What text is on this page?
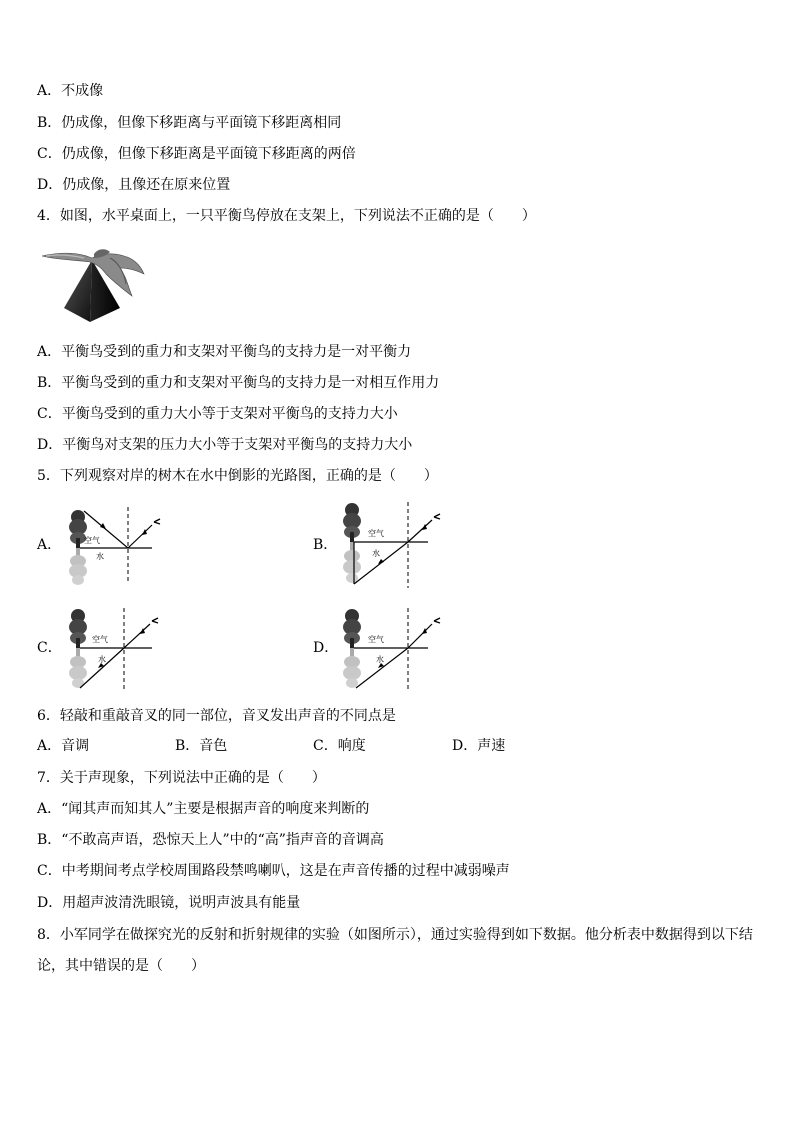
A．不成像
B．仍成像，但像下移距离与平面镜下移距离相同
C．仍成像，但像下移距离是平面镜下移距离的两倍
D．仍成像，且像还在原来位置
4．如图，水平桌面上，一只平衡鸟停放在支架上，下列说法不正确的是（　　）
A．平衡鸟受到的重力和支架对平衡鸟的支持力是一对平衡力
B．平衡鸟受到的重力和支架对平衡鸟的支持力是一对相互作用力
C．平衡鸟受到的重力大小等于支架对平衡鸟的支持力大小
D．平衡鸟对支架的压力大小等于支架对平衡鸟的支持力大小
5．下列观察对岸的树木在水中倒影的光路图，正确的是（　　）
A．	空气
水
B．
空气
水
C．
空气
水
D．
空气
水
6．轻敲和重敲音叉的同一部位，音叉发出声音的不同点是
A．音调	B．音色	C．响度	D．声速
7．关于声现象，下列说法中正确的是（　　）
A．“闻其声而知其人”主要是根据声音的响度来判断的
B．“不敢高声语，恐惊天上人”中的“高”指声音的音调高
C．中考期间考点学校周围路段禁鸣喇叭，这是在声音传播的过程中减弱噪声
D．用超声波清洗眼镜，说明声波具有能量
8．小军同学在做探究光的反射和折射规律的实验（如图所示），通过实验得到如下数据。他分析表中数据得到以下结
论，其中错误的是（　　）
